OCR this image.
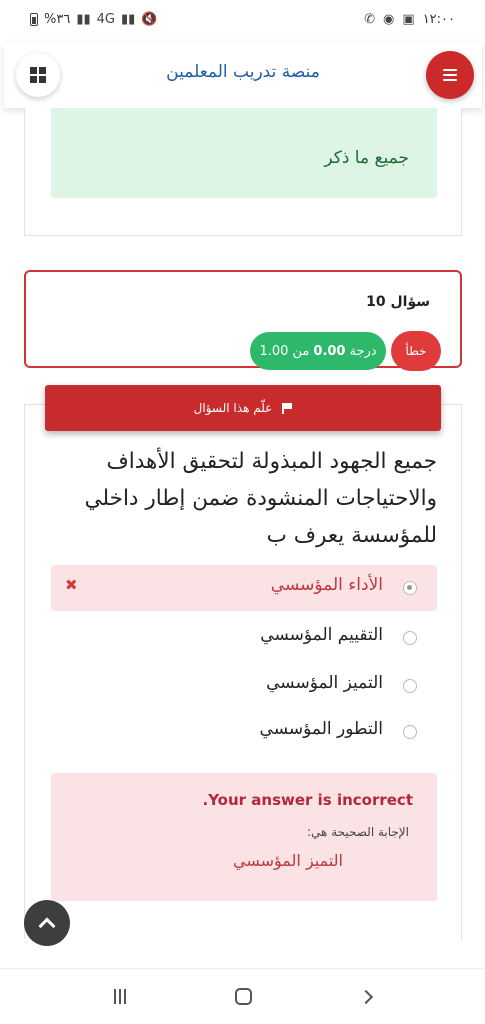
%٣٦ ▮▮ 4G ▮▮ 🔇	✆ ◉ ▣ ١٢:٠٠
منصة تدريب المعلمين
جميع ما ذكر
سؤال 10
خطأ
درجة
0.00
من 1.00
علّم هذا السؤال
جميع الجهود المبذولة لتحقيق الأهداف والاحتياجات المنشودة ضمن إطار داخلي للمؤسسة يعرف ب
الأداء المؤسسي
✖
التقييم المؤسسي
التميز المؤسسي
التطور المؤسسي
Your answer is incorrect.
الإجابة الصحيحة هي:
التميز المؤسسي
